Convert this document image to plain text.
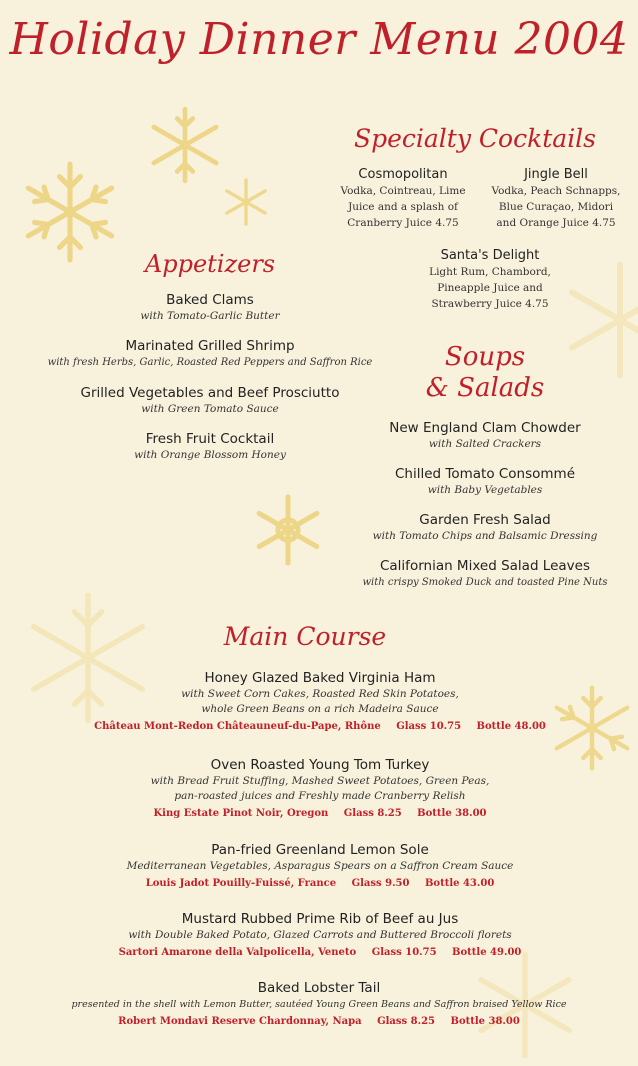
Holiday Dinner Menu 2004
Specialty Cocktails
Cosmopolitan
Vodka, Cointreau, Lime
Juice and a splash of
Cranberry Juice 4.75
Jingle Bell
Vodka, Peach Schnapps,
Blue Curaçao, Midori
and Orange Juice 4.75
Santa's Delight
Light Rum, Chambord,
Pineapple Juice and
Strawberry Juice 4.75
Appetizers
Baked Clams
with Tomato-Garlic Butter
Marinated Grilled Shrimp
with fresh Herbs, Garlic, Roasted Red Peppers and Saffron Rice
Grilled Vegetables and Beef Prosciutto
with Green Tomato Sauce
Fresh Fruit Cocktail
with Orange Blossom Honey
Soups
& Salads
New England Clam Chowder
with Salted Crackers
Chilled Tomato Consommé
with Baby Vegetables
Garden Fresh Salad
with Tomato Chips and Balsamic Dressing
Californian Mixed Salad Leaves
with crispy Smoked Duck and toasted Pine Nuts
Main Course
Honey Glazed Baked Virginia Ham
with Sweet Corn Cakes, Roasted Red Skin Potatoes,
whole Green Beans on a rich Madeira Sauce
Château Mont-Redon Châteauneuf-du-Pape, Rhône Glass 10.75 Bottle 48.00
Oven Roasted Young Tom Turkey
with Bread Fruit Stuffing, Mashed Sweet Potatoes, Green Peas,
pan-roasted juices and Freshly made Cranberry Relish
King Estate Pinot Noir, Oregon Glass 8.25 Bottle 38.00
Pan-fried Greenland Lemon Sole
Mediterranean Vegetables, Asparagus Spears on a Saffron Cream Sauce
Louis Jadot Pouilly-Fuissé, France Glass 9.50 Bottle 43.00
Mustard Rubbed Prime Rib of Beef au Jus
with Double Baked Potato, Glazed Carrots and Buttered Broccoli florets
Sartori Amarone della Valpolicella, Veneto Glass 10.75 Bottle 49.00
Baked Lobster Tail
presented in the shell with Lemon Butter, sautéed Young Green Beans and Saffron braised Yellow Rice
Robert Mondavi Reserve Chardonnay, Napa Glass 8.25 Bottle 38.00
